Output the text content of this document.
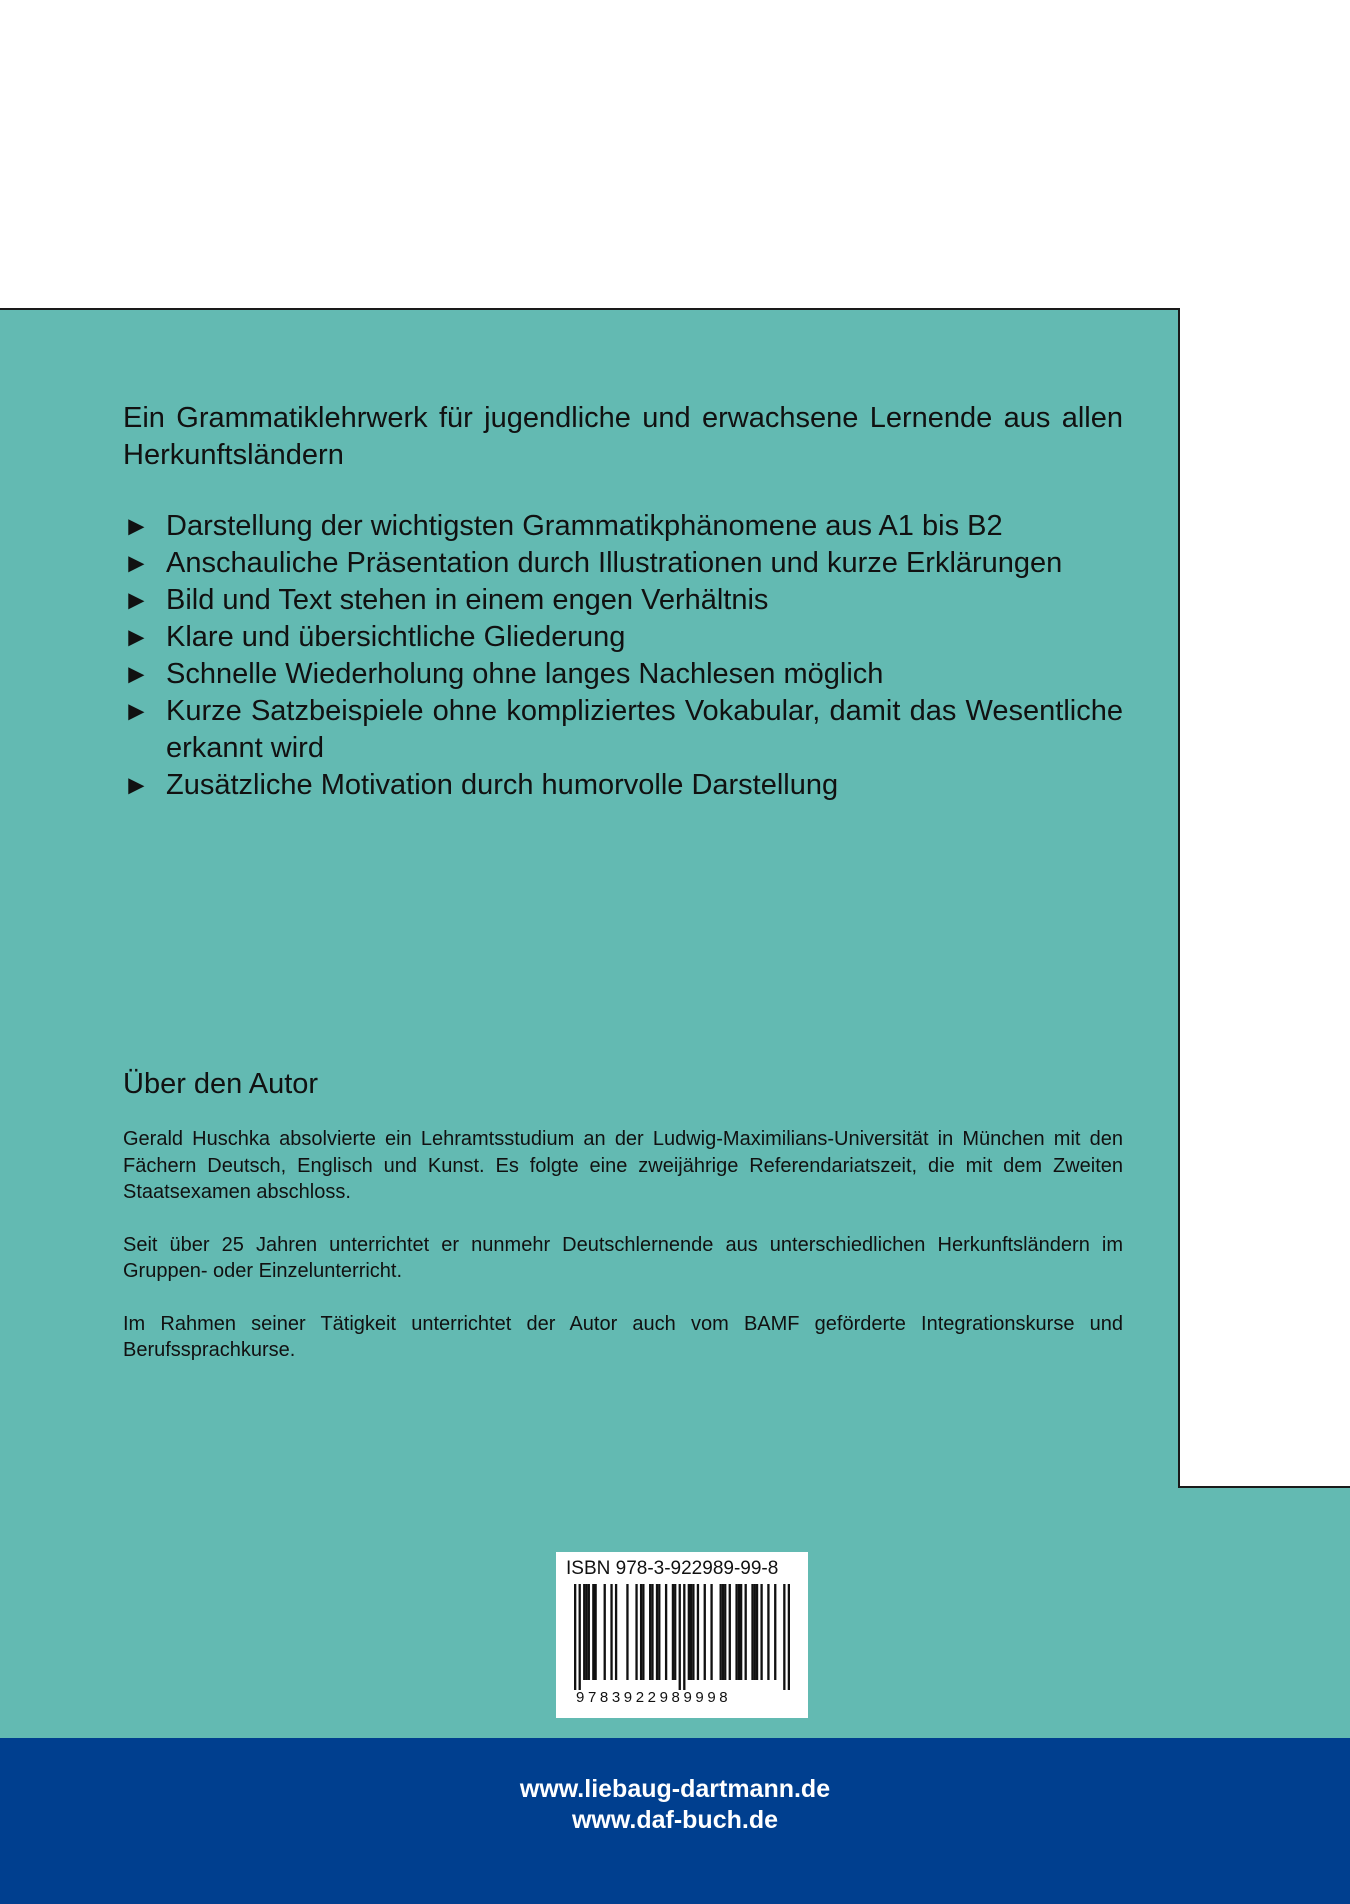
Ein Grammatiklehrwerk für jugendliche und erwachsene Lernende aus allen Herkunftsländern

► Darstellung der wichtigsten Grammatikphänomene aus A1 bis B2
► Anschauliche Präsentation durch Illustrationen und kurze Erklärungen
► Bild und Text stehen in einem engen Verhältnis
► Klare und übersichtliche Gliederung
► Schnelle Wiederholung ohne langes Nachlesen möglich
► Kurze Satzbeispiele ohne kompliziertes Vokabular, damit das Wesentliche erkannt wird
► Zusätzliche Motivation durch humorvolle Darstellung
Über den Autor

Gerald Huschka absolvierte ein Lehramtsstudium an der Ludwig-Maximilians-Universität in München mit den Fächern Deutsch, Englisch und Kunst. Es folgte eine zweijährige Referendariatszeit, die mit dem Zweiten Staatsexamen abschloss.

Seit über 25 Jahren unterrichtet er nunmehr Deutschlernende aus unterschiedlichen Herkunftsländern im Gruppen- oder Einzelunterricht.

Im Rahmen seiner Tätigkeit unterrichtet der Autor auch vom BAMF geförderte Integrationskurse und Berufssprachkurse.

ISBN 978-3-922989-99-8
9783922989998
www.liebaug-dartmann.de
www.daf-buch.de
